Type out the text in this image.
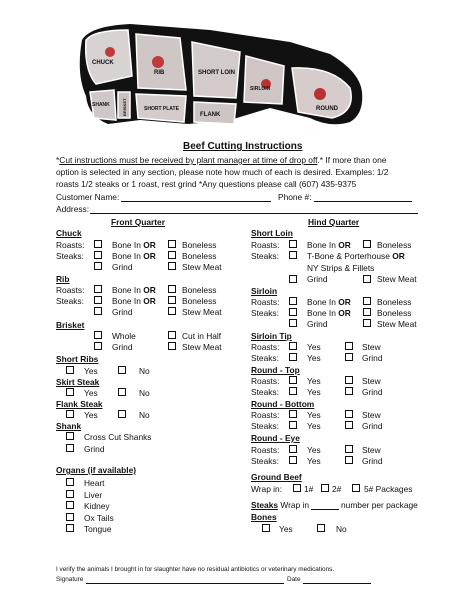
CHUCK
RIB	SHORT LOIN
SIRLOIN
ROUND
SHANK	BRISKET	SHORT PLATE
FLANK
Beef Cutting Instructions
*Cut instructions must be received by plant manager at time of drop off.* If more than one
option is selected in any section, please note how much of each is desired. Examples: 1/2
roasts 1/2 steaks or 1 roast, rest grind *Any questions please call (607) 435-9375
Customer Name:	Phone #:
Address:
Front Quarter	Hind Quarter
Chuck
Roasts:	Bone In OR	Boneless
Steaks:	Bone In OR	Boneless
Grind	Stew Meat
Rib
Roasts:	Bone In OR	Boneless
Steaks:	Bone In OR	Boneless
Grind	Stew Meat
Brisket
Whole	Cut in Half
Grind	Stew Meat
Short Ribs
Yes	No
Skirt Steak
Yes	No
Flank Steak
Yes	No
Shank
Cross Cut Shanks
Grind
Organs (if available)
Heart
Liver
Kidney
Ox Tails
Tongue
Short Loin
Roasts:	Bone In OR	Boneless
Steaks:	T-Bone & Porterhouse OR
NY Strips & Fillets
Grind	Stew Meat
Sirloin
Roasts:	Bone In OR	Boneless
Steaks:	Bone In OR	Boneless
Grind	Stew Meat
Sirloin Tip
Roasts:	Yes	Stew
Steaks:	Yes	Grind
Round - Top
Roasts:	Yes	Stew
Steaks:	Yes	Grind
Round - Bottom
Roasts:	Yes	Stew
Steaks:	Yes	Grind
Round - Eye
Roasts:	Yes	Stew
Steaks:	Yes	Grind
Ground Beef
Wrap in:	1# 2#	5# Packages
Steaks Wrap in	number per package
Bones
Yes	No
I verify the animals I brought in for slaughter have no residual antibiotics or veterinary medications.
Signature	Date
